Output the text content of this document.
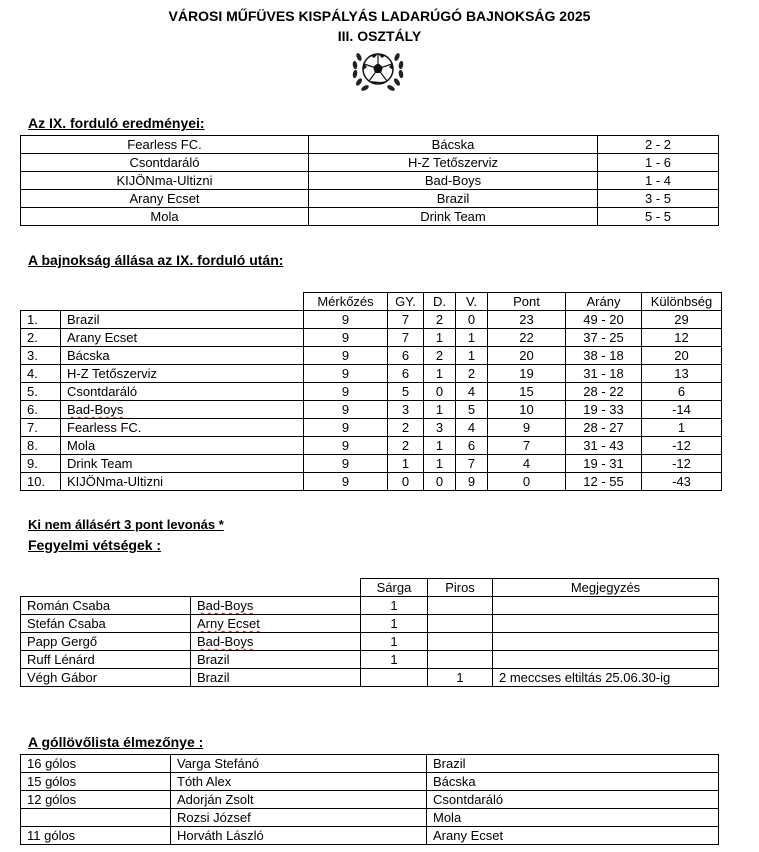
VÁROSI MŰFÜVES KISPÁLYÁS LADARÚGÓ BAJNOKSÁG 2025
III. OSZTÁLY
Az IX. forduló eredményei:
Fearless FC.	Bácska	2 - 2
Csontdaráló	H-Z Tetőszerviz	1 - 6
KIJÖNma-Ultizni	Bad-Boys	1 - 4
Arany Ecset	Brazil	3 - 5
Mola	Drink Team	5 - 5
A bajnokság állása az IX. forduló után:
		Mérkőzés	GY.	D.	V.	Pont	Arány	Különbség
1.	Brazil	9	7	2	0	23	49 - 20	29
2.	Arany Ecset	9	7	1	1	22	37 - 25	12
3.	Bácska	9	6	2	1	20	38 - 18	20
4.	H-Z Tetőszerviz	9	6	1	2	19	31 - 18	13
5.	Csontdaráló	9	5	0	4	15	28 - 22	6
6.	Bad-Boys	9	3	1	5	10	19 - 33	-14
7.	Fearless FC.	9	2	3	4	9	28 - 27	1
8.	Mola	9	2	1	6	7	31 - 43	-12
9.	Drink Team	9	1	1	7	4	19 - 31	-12
10.	KIJÖNma-Ultizni	9	0	0	9	0	12 - 55	-43
Ki nem állásért 3 pont levonás *
Fegyelmi vétségek :
		Sárga	Piros	Megjegyzés
Román Csaba	Bad-Boys	1		
Stefán Csaba	Arny Ecset	1		
Papp Gergő	Bad-Boys	1		
Ruff Lénárd	Brazil	1		
Végh Gábor	Brazil		1	2 meccses eltiltás 25.06.30-ig
A góllövőlista élmezőnye :
16 gólos	Varga Stefánó	Brazil
15 gólos	Tóth Alex	Bácska
12 gólos	Adorján Zsolt	Csontdaráló
	Rozsi József	Mola
11 gólos	Horváth László	Arany Ecset
